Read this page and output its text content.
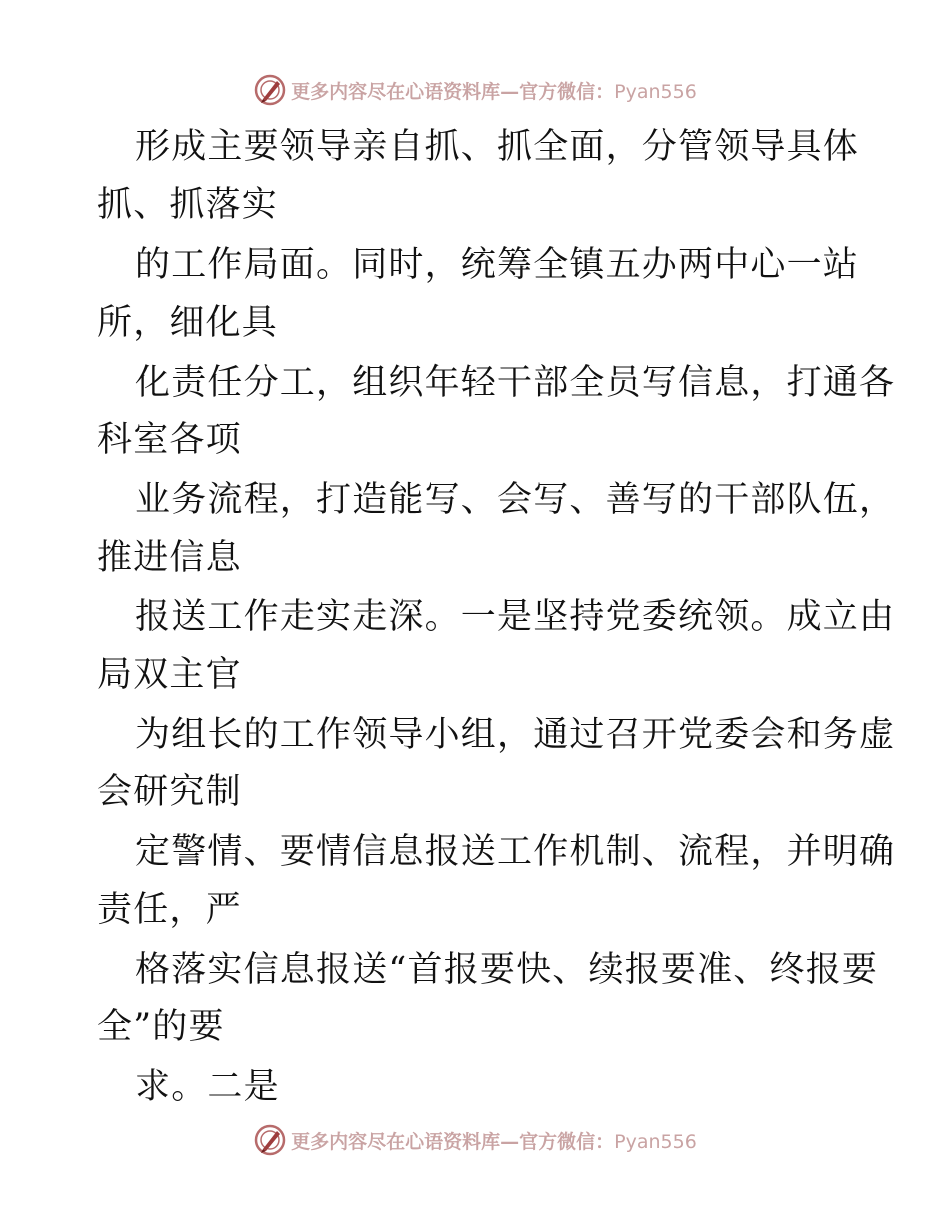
更多内容尽在心语资料库—官方微信：Pyan556
形成主要领导亲自抓、抓全面，分管领导具体
抓、抓落实
的工作局面。同时，统筹全镇五办两中心一站
所，细化具
化责任分工，组织年轻干部全员写信息，打通各
科室各项
业务流程，打造能写、会写、善写的干部队伍，
推进信息
报送工作走实走深。一是坚持党委统领。成立由
局双主官
为组长的工作领导小组，通过召开党委会和务虚
会研究制
定警情、要情信息报送工作机制、流程，并明确
责任，严
格落实信息报送“首报要快、续报要准、终报要
全”的要
求。二是
更多内容尽在心语资料库—官方微信：Pyan556
